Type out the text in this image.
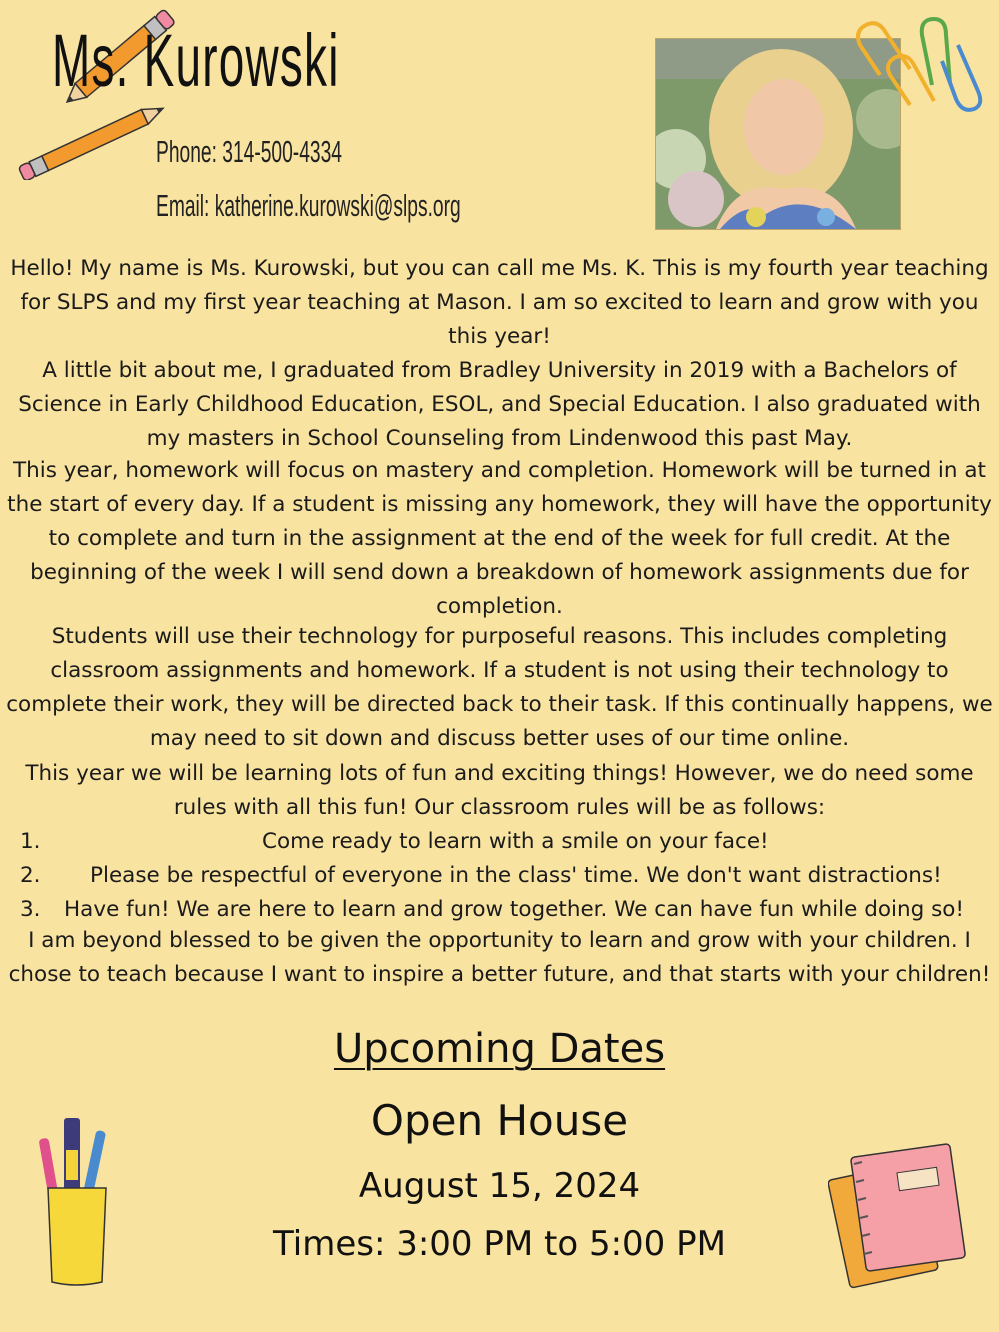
Ms. Kurowski
Phone: 314-500-4334
Email: katherine.kurowski@slps.org
Hello! My name is Ms. Kurowski, but you can call me Ms. K. This is my fourth year teaching for SLPS and my first year teaching at Mason. I am so excited to learn and grow with you this year!
A little bit about me, I graduated from Bradley University in 2019 with a Bachelors of Science in Early Childhood Education, ESOL, and Special Education. I also graduated with my masters in School Counseling from Lindenwood this past May.
This year, homework will focus on mastery and completion. Homework will be turned in at the start of every day. If a student is missing any homework, they will have the opportunity to complete and turn in the assignment at the end of the week for full credit. At the beginning of the week I will send down a breakdown of homework assignments due for completion.
Students will use their technology for purposeful reasons. This includes completing classroom assignments and homework. If a student is not using their technology to complete their work, they will be directed back to their task. If this continually happens, we may need to sit down and discuss better uses of our time online.
This year we will be learning lots of fun and exciting things! However, we do need some rules with all this fun! Our classroom rules will be as follows:
1.	Come ready to learn with a smile on your face!
2. Please be respectful of everyone in the class' time. We don't want distractions!
3. Have fun! We are here to learn and grow together. We can have fun while doing so!
I am beyond blessed to be given the opportunity to learn and grow with your children. I chose to teach because I want to inspire a better future, and that starts with your children!
Upcoming Dates
Open House
August 15, 2024
Times: 3:00 PM to 5:00 PM
